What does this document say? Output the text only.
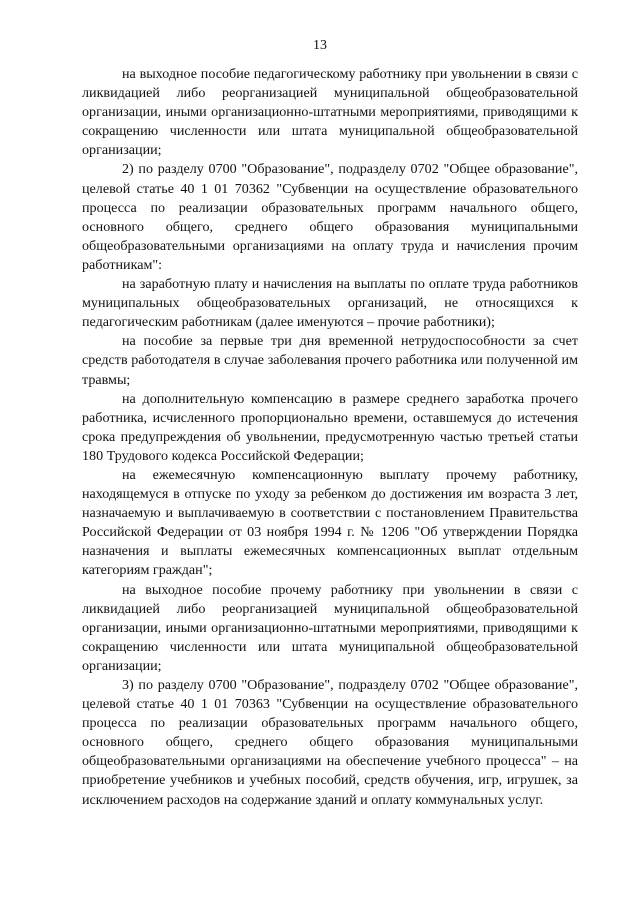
13

на выходное пособие педагогическому работнику при увольнении в связи с ликвидацией либо реорганизацией муниципальной общеобразовательной организации, иными организационно-штатными мероприятиями, приводящими к сокращению численности или штата муниципальной общеобразовательной организации;

2) по разделу 0700 "Образование", подразделу 0702 "Общее образование", целевой статье 40 1 01 70362 "Субвенции на осуществление образовательного процесса по реализации образовательных программ начального общего, основного общего, среднего общего образования муниципальными общеобразовательными организациями на оплату труда и начисления прочим работникам":

на заработную плату и начисления на выплаты по оплате труда работников муниципальных общеобразовательных организаций, не относящихся к педагогическим работникам (далее именуются – прочие работники);

на пособие за первые три дня временной нетрудоспособности за счет средств работодателя в случае заболевания прочего работника или полученной им травмы;

на дополнительную компенсацию в размере среднего заработка прочего работника, исчисленного пропорционально времени, оставшемуся до истечения срока предупреждения об увольнении, предусмотренную частью третьей статьи 180 Трудового кодекса Российской Федерации;

на ежемесячную компенсационную выплату прочему работнику, находящемуся в отпуске по уходу за ребенком до достижения им возраста 3 лет, назначаемую и выплачиваемую в соответствии с постановлением Правительства Российской Федерации от 03 ноября 1994 г. № 1206 "Об утверждении Порядка назначения и выплаты ежемесячных компенсационных выплат отдельным категориям граждан";

на выходное пособие прочему работнику при увольнении в связи с ликвидацией либо реорганизацией муниципальной общеобразовательной организации, иными организационно-штатными мероприятиями, приводящими к сокращению численности или штата муниципальной общеобразовательной организации;

3) по разделу 0700 "Образование", подразделу 0702 "Общее образование", целевой статье 40 1 01 70363 "Субвенции на осуществление образовательного процесса по реализации образовательных программ начального общего, основного общего, среднего общего образования муниципальными общеобразовательными организациями на обеспечение учебного процесса" – на приобретение учебников и учебных пособий, средств обучения, игр, игрушек, за исключением расходов на содержание зданий и оплату коммунальных услуг.
